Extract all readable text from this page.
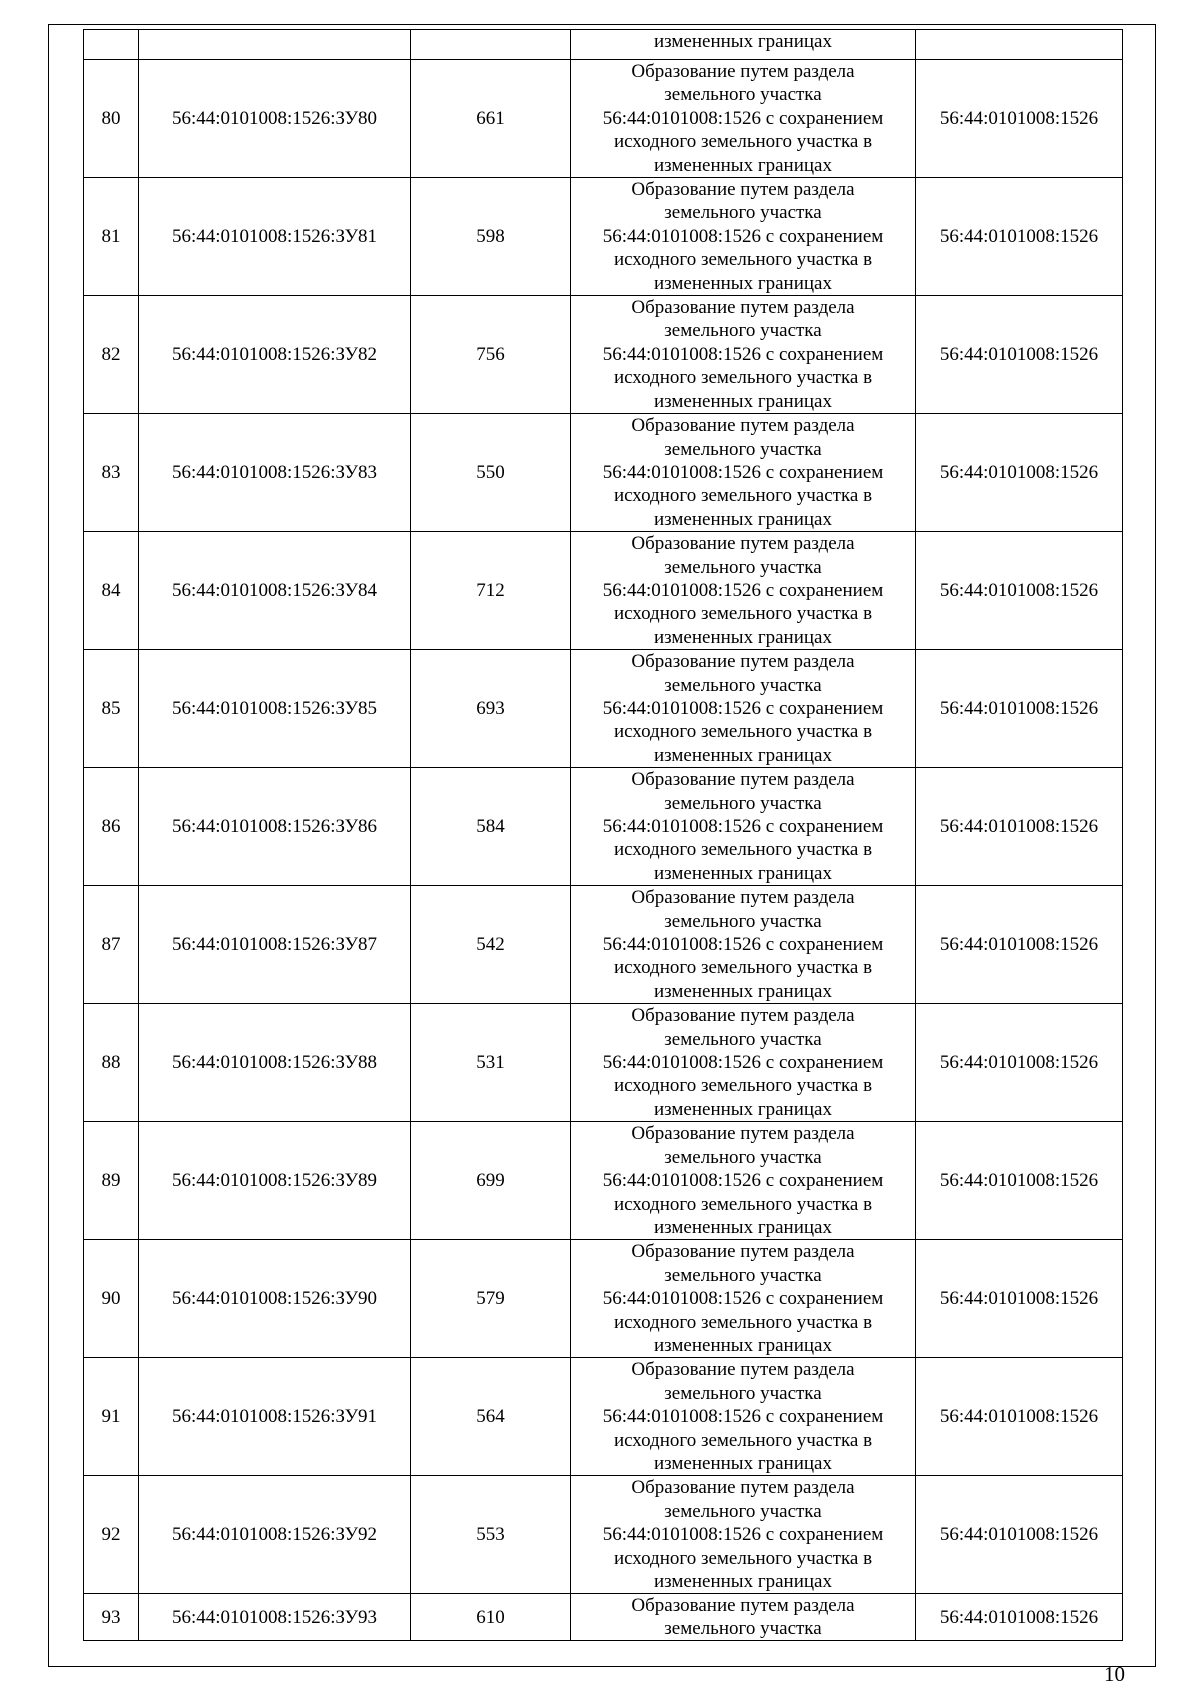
			измененных границах	
80	56:44:0101008:1526:ЗУ80	661	Образование путем раздела
земельного участка
56:44:0101008:1526 с сохранением
исходного земельного участка в
измененных границах	56:44:0101008:1526
81	56:44:0101008:1526:ЗУ81	598	Образование путем раздела
земельного участка
56:44:0101008:1526 с сохранением
исходного земельного участка в
измененных границах	56:44:0101008:1526
82	56:44:0101008:1526:ЗУ82	756	Образование путем раздела
земельного участка
56:44:0101008:1526 с сохранением
исходного земельного участка в
измененных границах	56:44:0101008:1526
83	56:44:0101008:1526:ЗУ83	550	Образование путем раздела
земельного участка
56:44:0101008:1526 с сохранением
исходного земельного участка в
измененных границах	56:44:0101008:1526
84	56:44:0101008:1526:ЗУ84	712	Образование путем раздела
земельного участка
56:44:0101008:1526 с сохранением
исходного земельного участка в
измененных границах	56:44:0101008:1526
85	56:44:0101008:1526:ЗУ85	693	Образование путем раздела
земельного участка
56:44:0101008:1526 с сохранением
исходного земельного участка в
измененных границах	56:44:0101008:1526
86	56:44:0101008:1526:ЗУ86	584	Образование путем раздела
земельного участка
56:44:0101008:1526 с сохранением
исходного земельного участка в
измененных границах	56:44:0101008:1526
87	56:44:0101008:1526:ЗУ87	542	Образование путем раздела
земельного участка
56:44:0101008:1526 с сохранением
исходного земельного участка в
измененных границах	56:44:0101008:1526
88	56:44:0101008:1526:ЗУ88	531	Образование путем раздела
земельного участка
56:44:0101008:1526 с сохранением
исходного земельного участка в
измененных границах	56:44:0101008:1526
89	56:44:0101008:1526:ЗУ89	699	Образование путем раздела
земельного участка
56:44:0101008:1526 с сохранением
исходного земельного участка в
измененных границах	56:44:0101008:1526
90	56:44:0101008:1526:ЗУ90	579	Образование путем раздела
земельного участка
56:44:0101008:1526 с сохранением
исходного земельного участка в
измененных границах	56:44:0101008:1526
91	56:44:0101008:1526:ЗУ91	564	Образование путем раздела
земельного участка
56:44:0101008:1526 с сохранением
исходного земельного участка в
измененных границах	56:44:0101008:1526
92	56:44:0101008:1526:ЗУ92	553	Образование путем раздела
земельного участка
56:44:0101008:1526 с сохранением
исходного земельного участка в
измененных границах	56:44:0101008:1526
93	56:44:0101008:1526:ЗУ93	610	Образование путем раздела
земельного участка	56:44:0101008:1526
10
